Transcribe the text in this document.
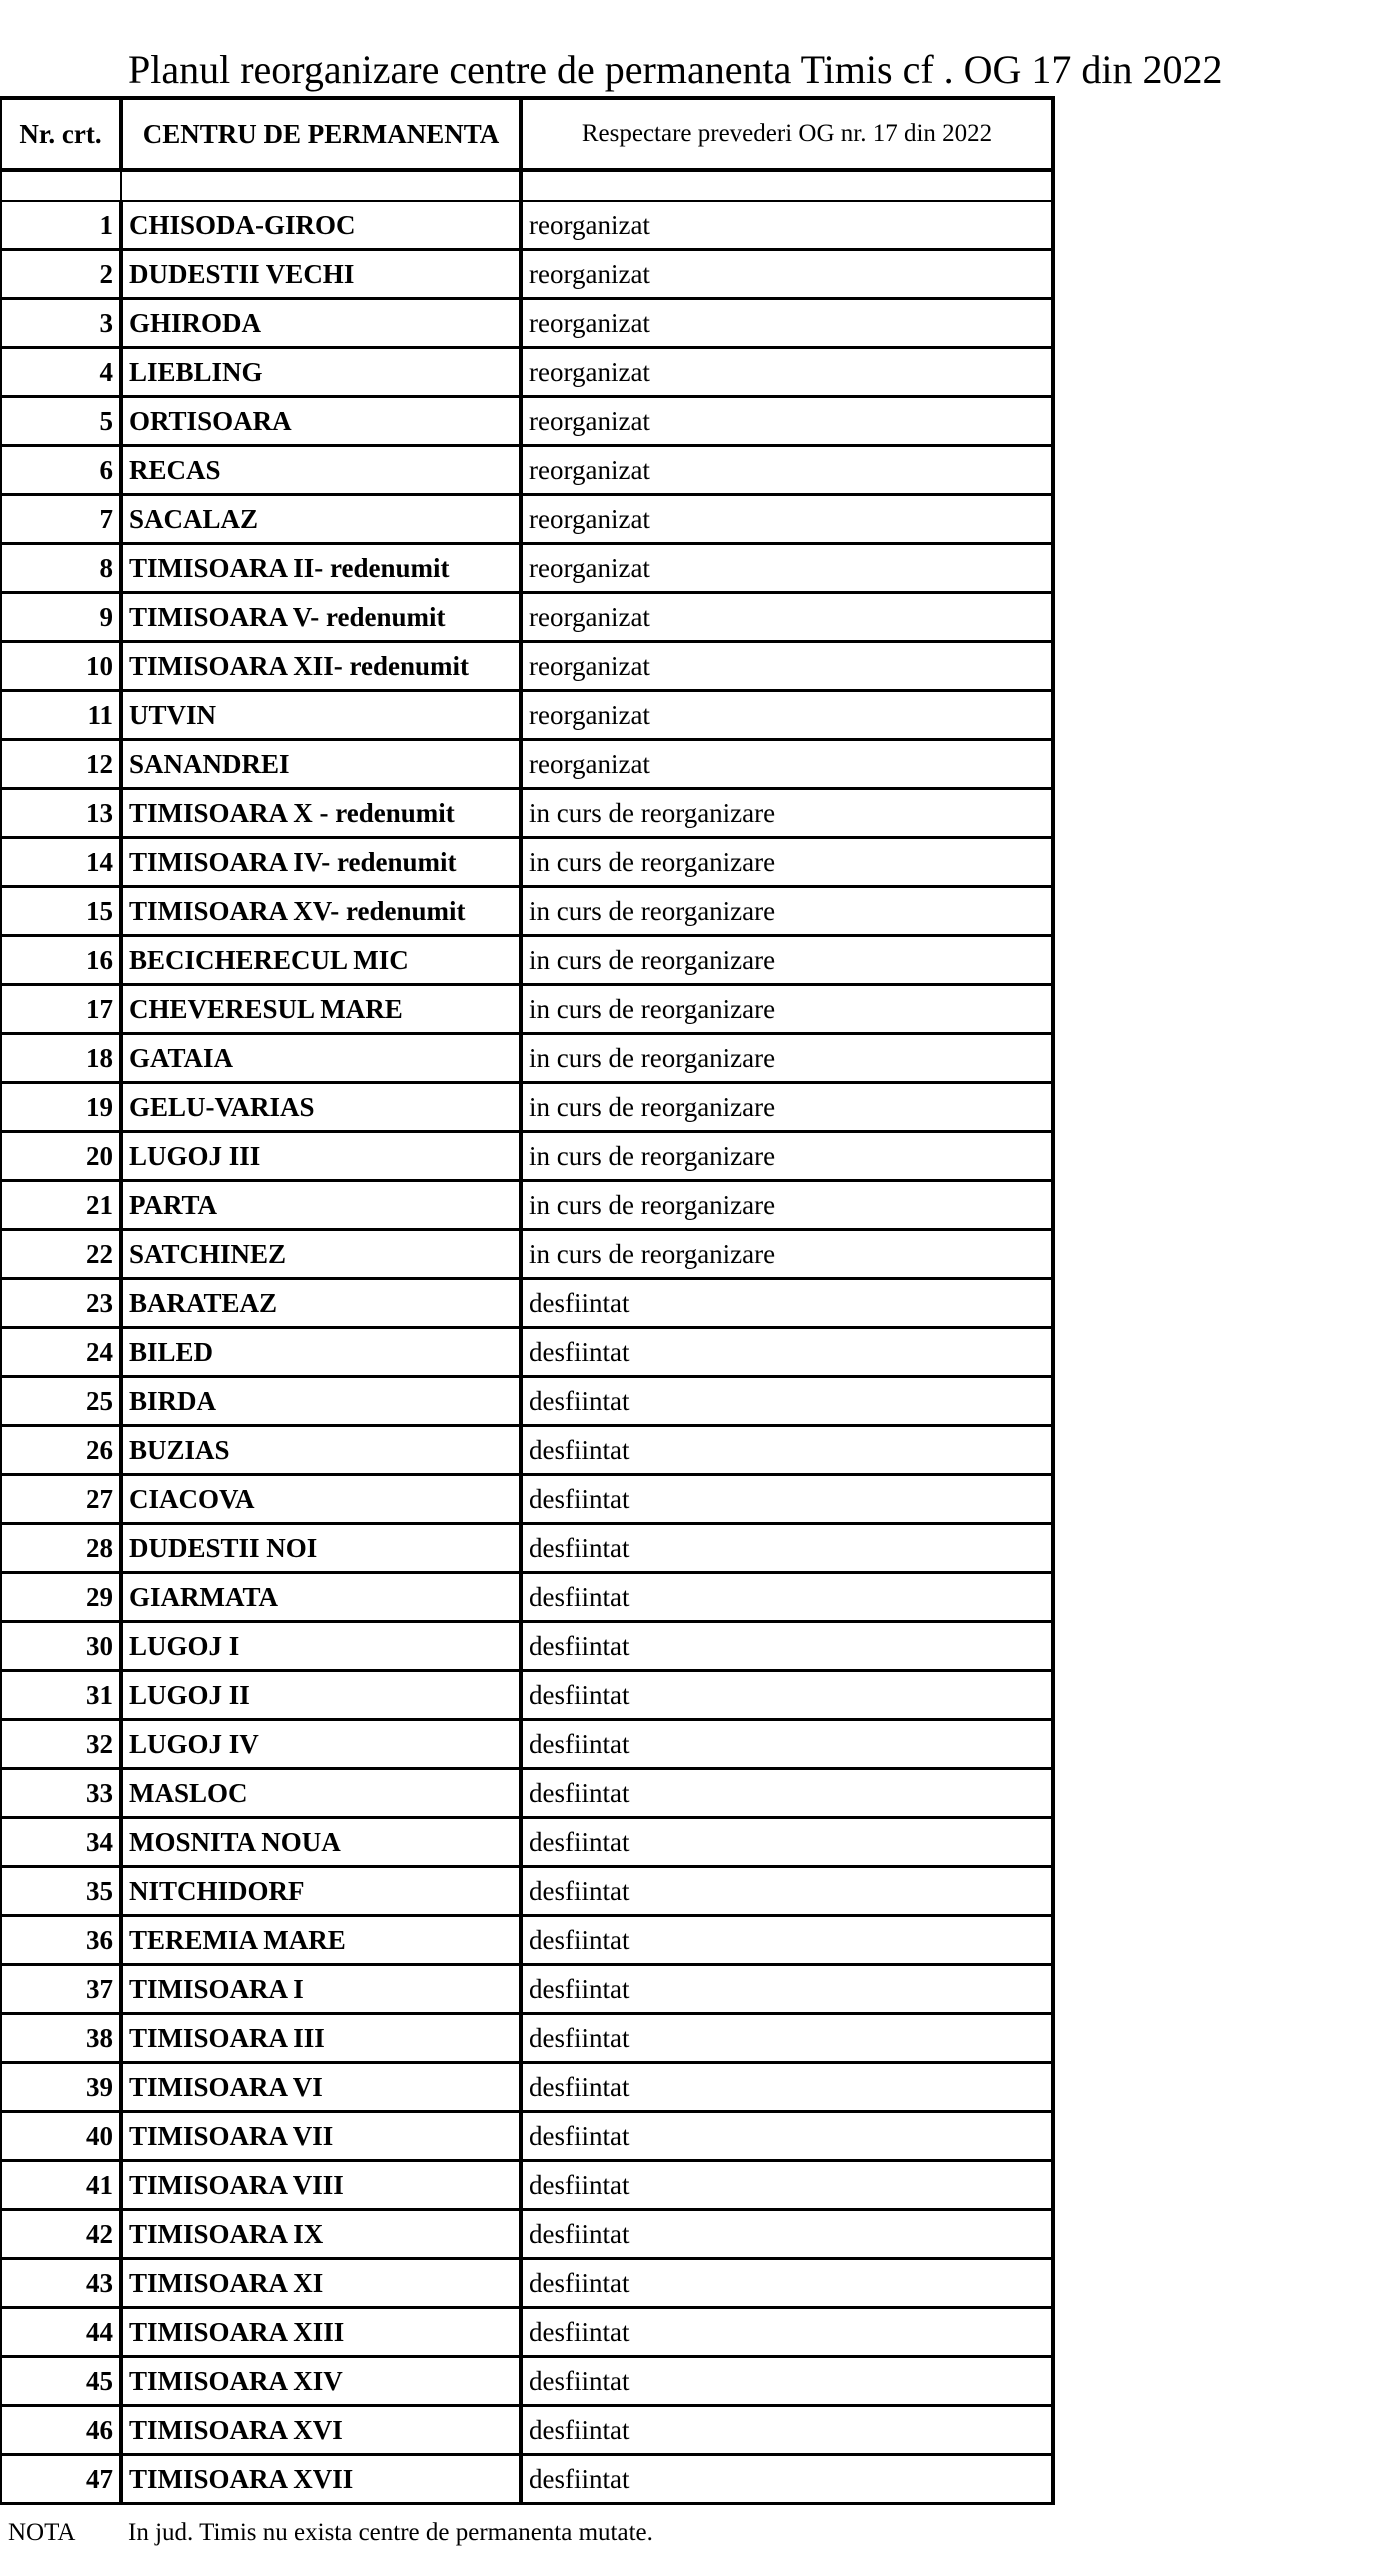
Planul reorganizare centre de permanenta Timis cf . OG 17 din 2022
Nr. crt.	CENTRU DE PERMANENTA	Respectare prevederi OG nr. 17 din 2022

1	CHISODA-GIROC	reorganizat
2	DUDESTII VECHI	reorganizat
3	GHIRODA	reorganizat
4	LIEBLING	reorganizat
5	ORTISOARA	reorganizat
6	RECAS	reorganizat
7	SACALAZ	reorganizat
8	TIMISOARA II- redenumit	reorganizat
9	TIMISOARA V- redenumit	reorganizat
10	TIMISOARA XII- redenumit	reorganizat
11	UTVIN	reorganizat
12	SANANDREI	reorganizat
13	TIMISOARA X - redenumit	in curs de reorganizare
14	TIMISOARA IV- redenumit	in curs de reorganizare
15	TIMISOARA XV- redenumit	in curs de reorganizare
16	BECICHERECUL MIC	in curs de reorganizare
17	CHEVERESUL MARE	in curs de reorganizare
18	GATAIA	in curs de reorganizare
19	GELU-VARIAS	in curs de reorganizare
20	LUGOJ III	in curs de reorganizare
21	PARTA	in curs de reorganizare
22	SATCHINEZ	in curs de reorganizare
23	BARATEAZ	desfiintat
24	BILED	desfiintat
25	BIRDA	desfiintat
26	BUZIAS	desfiintat
27	CIACOVA	desfiintat
28	DUDESTII NOI	desfiintat
29	GIARMATA	desfiintat
30	LUGOJ I	desfiintat
31	LUGOJ II	desfiintat
32	LUGOJ IV	desfiintat
33	MASLOC	desfiintat
34	MOSNITA NOUA	desfiintat
35	NITCHIDORF	desfiintat
36	TEREMIA MARE	desfiintat
37	TIMISOARA I	desfiintat
38	TIMISOARA III	desfiintat
39	TIMISOARA VI	desfiintat
40	TIMISOARA VII	desfiintat
41	TIMISOARA VIII	desfiintat
42	TIMISOARA IX	desfiintat
43	TIMISOARA XI	desfiintat
44	TIMISOARA XIII	desfiintat
45	TIMISOARA XIV	desfiintat
46	TIMISOARA XVI	desfiintat
47	TIMISOARA XVII	desfiintat
NOTA In jud. Timis nu exista centre de permanenta mutate.
